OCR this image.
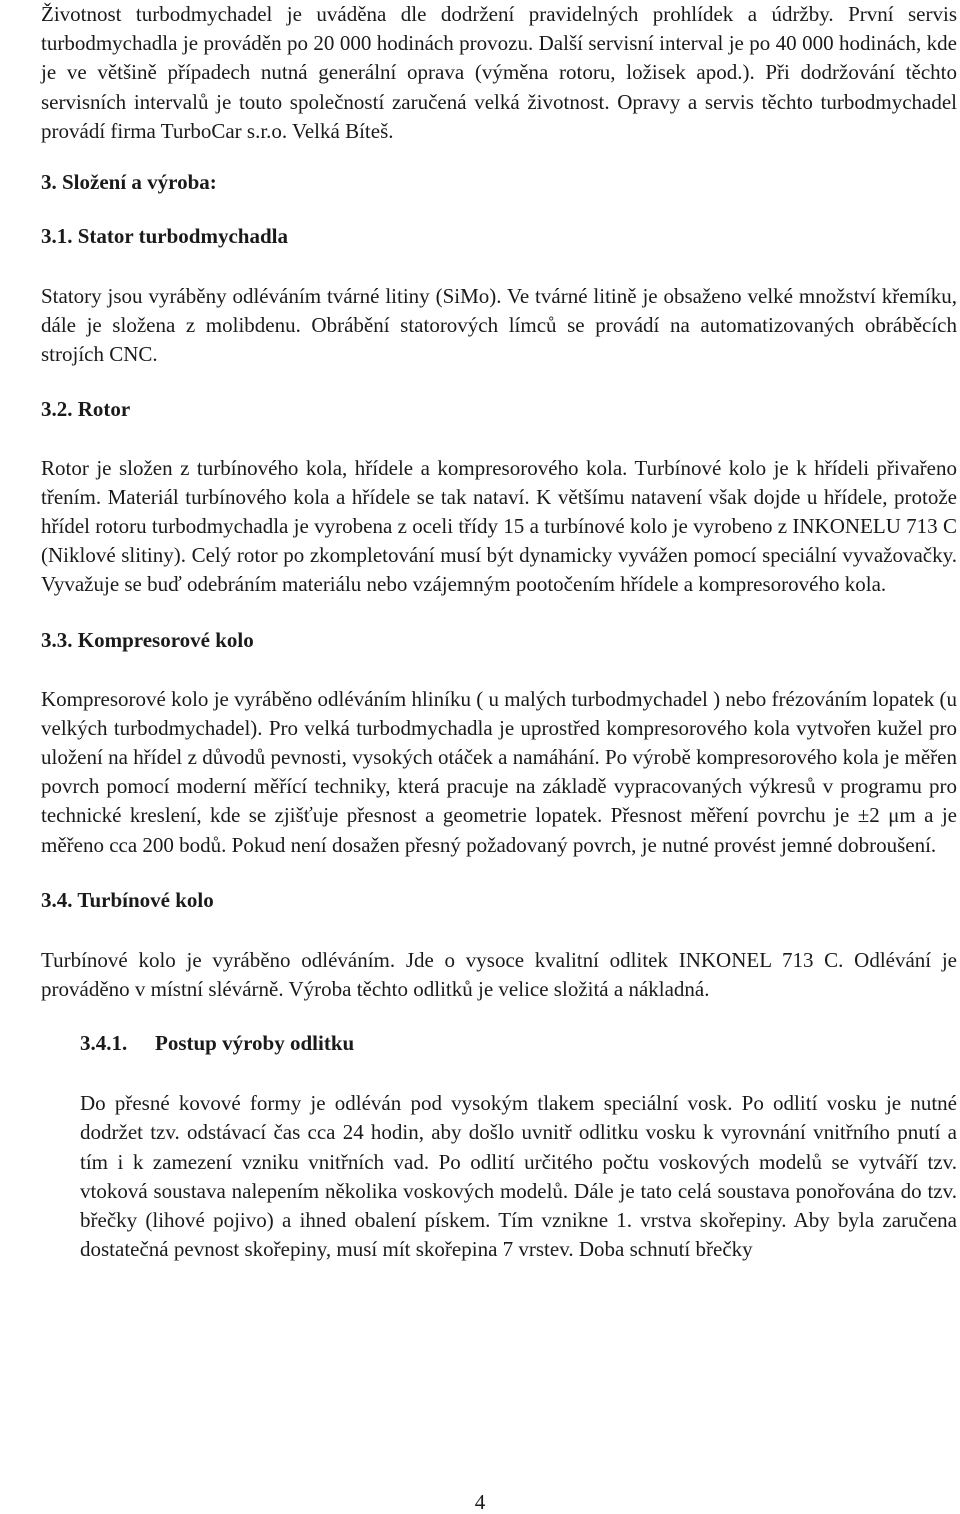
Životnost turbodmychadel je uváděna dle dodržení pravidelných prohlídek a údržby. První servis turbodmychadla je prováděn po 20 000 hodinách provozu. Další servisní interval je po 40 000 hodinách, kde je ve většině případech nutná generální oprava (výměna rotoru, ložisek apod.). Při dodržování těchto servisních intervalů je touto společností zaručená velká životnost. Opravy a servis těchto turbodmychadel provádí firma TurboCar s.r.o. Velká Bíteš.

3. Složení a výroba:
3.1. Stator turbodmychadla

Statory jsou vyráběny odléváním tvárné litiny (SiMo). Ve tvárné litině je obsaženo velké množství křemíku, dále je složena z molibdenu. Obrábění statorových límců se provádí na automatizovaných obráběcích strojích CNC.

3.2. Rotor

Rotor je složen z turbínového kola, hřídele a kompresorového kola. Turbínové kolo je k hřídeli přivařeno třením. Materiál turbínového kola a hřídele se tak nataví. K většímu natavení však dojde u hřídele, protože hřídel rotoru turbodmychadla je vyrobena z oceli třídy 15 a turbínové kolo je vyrobeno z INKONELU 713 C (Niklové slitiny). Celý rotor po zkompletování musí být dynamicky vyvážen pomocí speciální vyvažovačky. Vyvažuje se buď odebráním materiálu nebo vzájemným pootočením hřídele a kompresorového kola.

3.3. Kompresorové kolo

Kompresorové kolo je vyráběno odléváním hliníku ( u malých turbodmychadel ) nebo frézováním lopatek (u velkých turbodmychadel). Pro velká turbodmychadla je uprostřed kompresorového kola vytvořen kužel pro uložení na hřídel z důvodů pevnosti, vysokých otáček a namáhání. Po výrobě kompresorového kola je měřen povrch pomocí moderní měřící techniky, která pracuje na základě vypracovaných výkresů v programu pro technické kreslení, kde se zjišťuje přesnost a geometrie lopatek. Přesnost měření povrchu je ±2 μm a je měřeno cca 200 bodů. Pokud není dosažen přesný požadovaný povrch, je nutné provést jemné dobroušení.

3.4. Turbínové kolo

Turbínové kolo je vyráběno odléváním. Jde o vysoce kvalitní odlitek INKONEL 713 C. Odlévání je prováděno v místní slévárně. Výroba těchto odlitků je velice složitá a nákladná.

3.4.1. Postup výroby odlitku

Do přesné kovové formy je odléván pod vysokým tlakem speciální vosk. Po odlití vosku je nutné dodržet tzv. odstávací čas cca 24 hodin, aby došlo uvnitř odlitku vosku k vyrovnání vnitřního pnutí a tím i k zamezení vzniku vnitřních vad. Po odlití určitého počtu voskových modelů se vytváří tzv. vtoková soustava nalepením několika voskových modelů. Dále je tato celá soustava ponořována do tzv. břečky (lihové pojivo) a ihned obalení pískem. Tím vznikne 1. vrstva skořepiny. Aby byla zaručena dostatečná pevnost skořepiny, musí mít skořepina 7 vrstev. Doba schnutí břečky

4
